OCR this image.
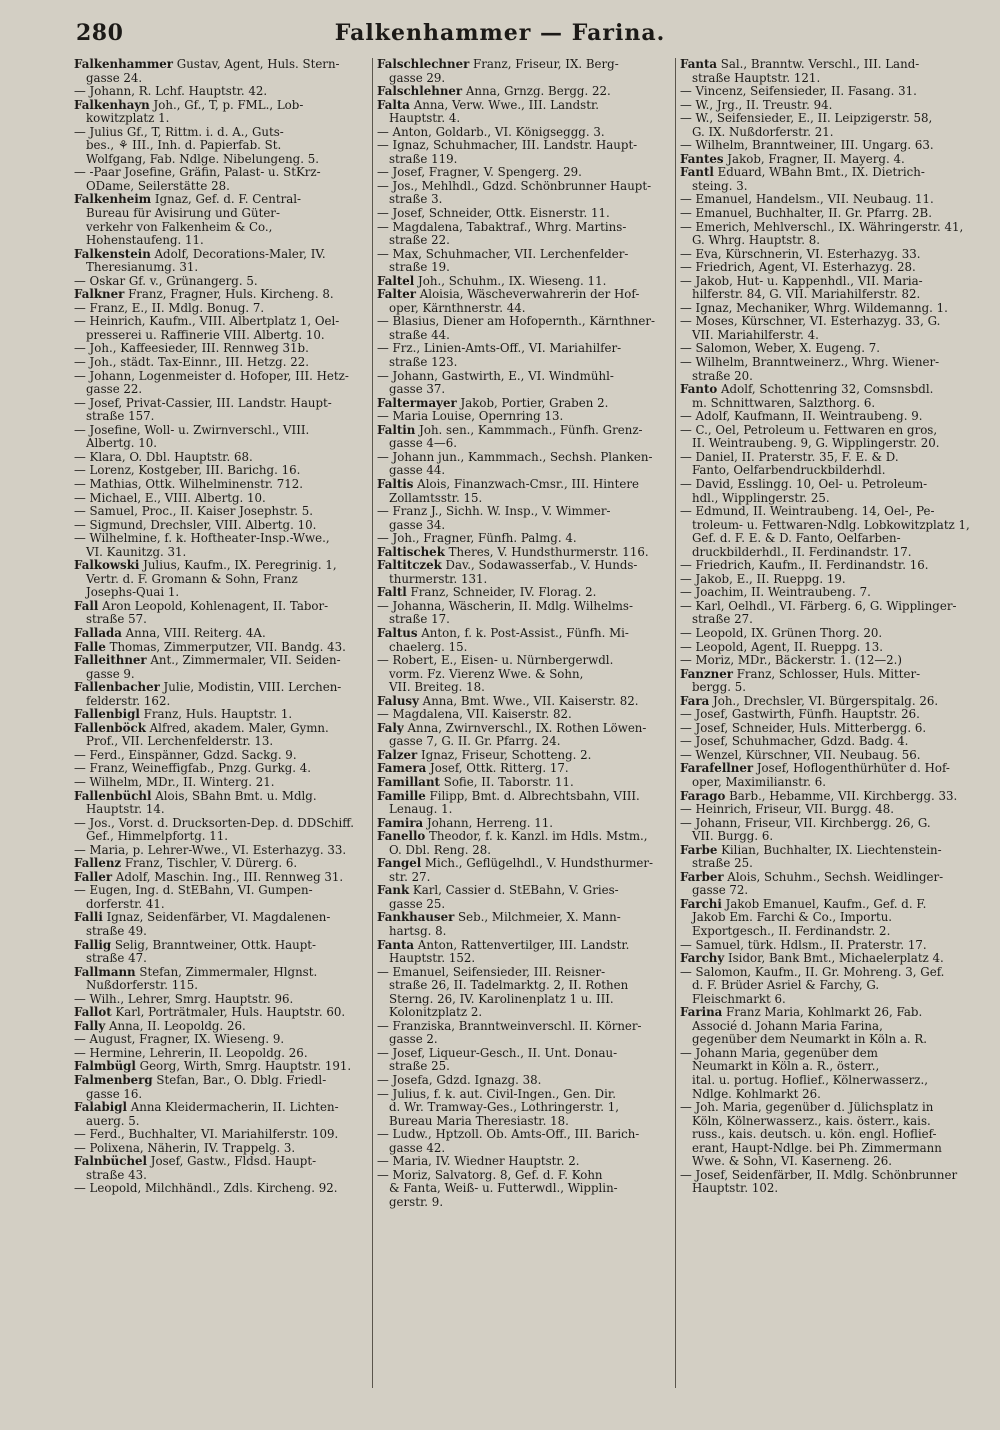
280	Falkenhammer — Farina.
Falkenhammer Gustav, Agent, Huls. Stern-
gasse 24.
— Johann, R. Lchf. Hauptstr. 42.
Falkenhayn Joh., Gf., T, p. FML., Lob-
kowitzplatz 1.
— Julius Gf., T, Rittm. i. d. A., Guts-
bes., ⚘ III., Inh. d. Papierfab. St.
Wolfgang, Fab. Ndlge. Nibelungeng. 5.
— -Paar Josefine, Gräfin, Palast- u. StKrz-
ODame, Seilerstätte 28.
Falkenheim Ignaz, Gef. d. F. Central-
Bureau für Avisirung und Güter-
verkehr von Falkenheim & Co.,
Hohenstaufeng. 11.
Falkenstein Adolf, Decorations-Maler, IV.
Theresianumg. 31.
— Oskar Gf. v., Grünangerg. 5.
Falkner Franz, Fragner, Huls. Kircheng. 8.
— Franz, E., II. Mdlg. Bonug. 7.
— Heinrich, Kaufm., VIII. Albertplatz 1, Oel-
presserei u. Raffinerie VIII. Albertg. 10.
— Joh., Kaffeesieder, III. Rennweg 31b.
— Joh., städt. Tax-Einnr., III. Hetzg. 22.
— Johann, Logenmeister d. Hofoper, III. Hetz-
gasse 22.
— Josef, Privat-Cassier, III. Landstr. Haupt-
straße 157.
— Josefine, Woll- u. Zwirnverschl., VIII.
Albertg. 10.
— Klara, O. Dbl. Hauptstr. 68.
— Lorenz, Kostgeber, III. Barichg. 16.
— Mathias, Ottk. Wilhelminenstr. 712.
— Michael, E., VIII. Albertg. 10.
— Samuel, Proc., II. Kaiser Josephstr. 5.
— Sigmund, Drechsler, VIII. Albertg. 10.
— Wilhelmine, f. k. Hoftheater-Insp.-Wwe.,
VI. Kaunitzg. 31.
Falkowski Julius, Kaufm., IX. Peregrinig. 1,
Vertr. d. F. Gromann & Sohn, Franz
Josephs-Quai 1.
Fall Aron Leopold, Kohlenagent, II. Tabor-
straße 57.
Fallada Anna, VIII. Reiterg. 4A.
Falle Thomas, Zimmerputzer, VII. Bandg. 43.
Falleithner Ant., Zimmermaler, VII. Seiden-
gasse 9.
Fallenbacher Julie, Modistin, VIII. Lerchen-
felderstr. 162.
Fallenbigl Franz, Huls. Hauptstr. 1.
Fallenböck Alfred, akadem. Maler, Gymn.
Prof., VII. Lerchenfelderstr. 13.
— Ferd., Einspänner, Gdzd. Sackg. 9.
— Franz, Weineffigfab., Pnzg. Gurkg. 4.
— Wilhelm, MDr., II. Winterg. 21.
Fallenbüchl Alois, SBahn Bmt. u. Mdlg.
Hauptstr. 14.
— Jos., Vorst. d. Drucksorten-Dep. d. DDSchiff.
Gef., Himmelpfortg. 11.
— Maria, p. Lehrer-Wwe., VI. Esterhazyg. 33.
Fallenz Franz, Tischler, V. Dürerg. 6.
Faller Adolf, Maschin. Ing., III. Rennweg 31.
— Eugen, Ing. d. StEBahn, VI. Gumpen-
dorferstr. 41.
Falli Ignaz, Seidenfärber, VI. Magdalenen-
straße 49.
Fallig Selig, Branntweiner, Ottk. Haupt-
straße 47.
Fallmann Stefan, Zimmermaler, Hlgnst.
Nußdorferstr. 115.
— Wilh., Lehrer, Smrg. Hauptstr. 96.
Fallot Karl, Porträtmaler, Huls. Hauptstr. 60.
Fally Anna, II. Leopoldg. 26.
— August, Fragner, IX. Wieseng. 9.
— Hermine, Lehrerin, II. Leopoldg. 26.
Falmbügl Georg, Wirth, Smrg. Hauptstr. 191.
Falmenberg Stefan, Bar., O. Dblg. Friedl-
gasse 16.
Falabigl Anna Kleidermacherin, II. Lichten-
auerg. 5.
— Ferd., Buchhalter, VI. Mariahilferstr. 109.
— Polixena, Näherin, IV. Trappelg. 3.
Falnbüchel Josef, Gastw., Fldsd. Haupt-
straße 43.
— Leopold, Milchhändl., Zdls. Kircheng. 92.
Falschlechner Franz, Friseur, IX. Berg-
gasse 29.
Falschlehner Anna, Grnzg. Bergg. 22.
Falta Anna, Verw. Wwe., III. Landstr.
Hauptstr. 4.
— Anton, Goldarb., VI. Königseggg. 3.
— Ignaz, Schuhmacher, III. Landstr. Haupt-
straße 119.
— Josef, Fragner, V. Spengerg. 29.
— Jos., Mehlhdl., Gdzd. Schönbrunner Haupt-
straße 3.
— Josef, Schneider, Ottk. Eisnerstr. 11.
— Magdalena, Tabaktraf., Whrg. Martins-
straße 22.
— Max, Schuhmacher, VII. Lerchenfelder-
straße 19.
Faltel Joh., Schuhm., IX. Wieseng. 11.
Falter Aloisia, Wäscheverwahrerin der Hof-
oper, Kärnthnerstr. 44.
— Blasius, Diener am Hofopernth., Kärnthner-
straße 44.
— Frz., Linien-Amts-Off., VI. Mariahilfer-
straße 123.
— Johann, Gastwirth, E., VI. Windmühl-
gasse 37.
Faltermayer Jakob, Portier, Graben 2.
— Maria Louise, Opernring 13.
Faltin Joh. sen., Kammmach., Fünfh. Grenz-
gasse 4—6.
— Johann jun., Kammmach., Sechsh. Planken-
gasse 44.
Faltis Alois, Finanzwach-Cmsr., III. Hintere
Zollamtsstr. 15.
— Franz J., Sichh. W. Insp., V. Wimmer-
gasse 34.
— Joh., Fragner, Fünfh. Palmg. 4.
Faltischek Theres, V. Hundsthurmerstr. 116.
Faltitczek Dav., Sodawasserfab., V. Hunds-
thurmerstr. 131.
Faltl Franz, Schneider, IV. Florag. 2.
— Johanna, Wäscherin, II. Mdlg. Wilhelms-
straße 17.
Faltus Anton, f. k. Post-Assist., Fünfh. Mi-
chaelerg. 15.
— Robert, E., Eisen- u. Nürnbergerwdl.
vorm. Fz. Vierenz Wwe. & Sohn,
VII. Breiteg. 18.
Falusy Anna, Bmt. Wwe., VII. Kaiserstr. 82.
— Magdalena, VII. Kaiserstr. 82.
Faly Anna, Zwirnverschl., IX. Rothen Löwen-
gasse 7, G. II. Gr. Pfarrg. 24.
Falzer Ignaz, Friseur, Schotteng. 2.
Famera Josef, Ottk. Ritterg. 17.
Famillant Sofie, II. Taborstr. 11.
Famille Filipp, Bmt. d. Albrechtsbahn, VIII.
Lenaug. 1.
Famira Johann, Herreng. 11.
Fanello Theodor, f. k. Kanzl. im Hdls. Mstm.,
O. Dbl. Reng. 28.
Fangel Mich., Geflügelhdl., V. Hundsthurmer-
str. 27.
Fank Karl, Cassier d. StEBahn, V. Gries-
gasse 25.
Fankhauser Seb., Milchmeier, X. Mann-
hartsg. 8.
Fanta Anton, Rattenvertilger, III. Landstr.
Hauptstr. 152.
— Emanuel, Seifensieder, III. Reisner-
straße 26, II. Tadelmarktg. 2, II. Rothen
Sterng. 26, IV. Karolinenplatz 1 u. III.
Kolonitzplatz 2.
— Franziska, Branntweinverschl. II. Körner-
gasse 2.
— Josef, Liqueur-Gesch., II. Unt. Donau-
straße 25.
— Josefa, Gdzd. Ignazg. 38.
— Julius, f. k. aut. Civil-Ingen., Gen. Dir.
d. Wr. Tramway-Ges., Lothringerstr. 1,
Bureau Maria Theresiastr. 18.
— Ludw., Hptzoll. Ob. Amts-Off., III. Barich-
gasse 42.
— Maria, IV. Wiedner Hauptstr. 2.
— Moriz, Salvatorg. 8, Gef. d. F. Kohn
& Fanta, Weiß- u. Futterwdl., Wipplin-
gerstr. 9.
Fanta Sal., Branntw. Verschl., III. Land-
straße Hauptstr. 121.
— Vincenz, Seifensieder, II. Fasang. 31.
— W., Jrg., II. Treustr. 94.
— W., Seifensieder, E., II. Leipzigerstr. 58,
G. IX. Nußdorferstr. 21.
— Wilhelm, Branntweiner, III. Ungarg. 63.
Fantes Jakob, Fragner, II. Mayerg. 4.
Fantl Eduard, WBahn Bmt., IX. Dietrich-
steing. 3.
— Emanuel, Handelsm., VII. Neubaug. 11.
— Emanuel, Buchhalter, II. Gr. Pfarrg. 2B.
— Emerich, Mehlverschl., IX. Währingerstr. 41,
G. Whrg. Hauptstr. 8.
— Eva, Kürschnerin, VI. Esterhazyg. 33.
— Friedrich, Agent, VI. Esterhazyg. 28.
— Jakob, Hut- u. Kappenhdl., VII. Maria-
hilferstr. 84, G. VII. Mariahilferstr. 82.
— Ignaz, Mechaniker, Whrg. Wildemanng. 1.
— Moses, Kürschner, VI. Esterhazyg. 33, G.
VII. Mariahilferstr. 4.
— Salomon, Weber, X. Eugeng. 7.
— Wilhelm, Branntweinerz., Whrg. Wiener-
straße 20.
Fanto Adolf, Schottenring 32, Comsnsbdl.
m. Schnittwaren, Salzthorg. 6.
— Adolf, Kaufmann, II. Weintraubeng. 9.
— C., Oel, Petroleum u. Fettwaren en gros,
II. Weintraubeng. 9, G. Wipplingerstr. 20.
— Daniel, II. Praterstr. 35, F. E. & D.
Fanto, Oelfarbendruckbilderhdl.
— David, Esslingg. 10, Oel- u. Petroleum-
hdl., Wipplingerstr. 25.
— Edmund, II. Weintraubeng. 14, Oel-, Pe-
troleum- u. Fettwaren-Ndlg. Lobkowitzplatz 1,
Gef. d. F. E. & D. Fanto, Oelfarben-
druckbilderhdl., II. Ferdinandstr. 17.
— Friedrich, Kaufm., II. Ferdinandstr. 16.
— Jakob, E., II. Rueppg. 19.
— Joachim, II. Weintraubeng. 7.
— Karl, Oelhdl., VI. Färberg. 6, G. Wipplinger-
straße 27.
— Leopold, IX. Grünen Thorg. 20.
— Leopold, Agent, II. Rueppg. 13.
— Moriz, MDr., Bäckerstr. 1. (12—2.)
Fanzner Franz, Schlosser, Huls. Mitter-
bergg. 5.
Fara Joh., Drechsler, VI. Bürgerspitalg. 26.
— Josef, Gastwirth, Fünfh. Hauptstr. 26.
— Josef, Schneider, Huls. Mitterbergg. 6.
— Josef, Schuhmacher, Gdzd. Badg. 4.
— Wenzel, Kürschner, VII. Neubaug. 56.
Farafellner Josef, Hoflogenthürhüter d. Hof-
oper, Maximilianstr. 6.
Farago Barb., Hebamme, VII. Kirchbergg. 33.
— Heinrich, Friseur, VII. Burgg. 48.
— Johann, Friseur, VII. Kirchbergg. 26, G.
VII. Burgg. 6.
Farbe Kilian, Buchhalter, IX. Liechtenstein-
straße 25.
Farber Alois, Schuhm., Sechsh. Weidlinger-
gasse 72.
Farchi Jakob Emanuel, Kaufm., Gef. d. F.
Jakob Em. Farchi & Co., Importu.
Exportgesch., II. Ferdinandstr. 2.
— Samuel, türk. Hdlsm., II. Praterstr. 17.
Farchy Isidor, Bank Bmt., Michaelerplatz 4.
— Salomon, Kaufm., II. Gr. Mohreng. 3, Gef.
d. F. Brüder Asriel & Farchy, G.
Fleischmarkt 6.
Farina Franz Maria, Kohlmarkt 26, Fab.
Associé d. Johann Maria Farina,
gegenüber dem Neumarkt in Köln a. R.
— Johann Maria, gegenüber dem
Neumarkt in Köln a. R., österr.,
ital. u. portug. Hoflief., Kölnerwasserz.,
Ndlge. Kohlmarkt 26.
— Joh. Maria, gegenüber d. Jülichsplatz in
Köln, Kölnerwasserz., kais. österr., kais.
russ., kais. deutsch. u. kön. engl. Hoflief-
erant, Haupt-Ndlge. bei Ph. Zimmermann
Wwe. & Sohn, VI. Kaserneng. 26.
— Josef, Seidenfärber, II. Mdlg. Schönbrunner
Hauptstr. 102.
